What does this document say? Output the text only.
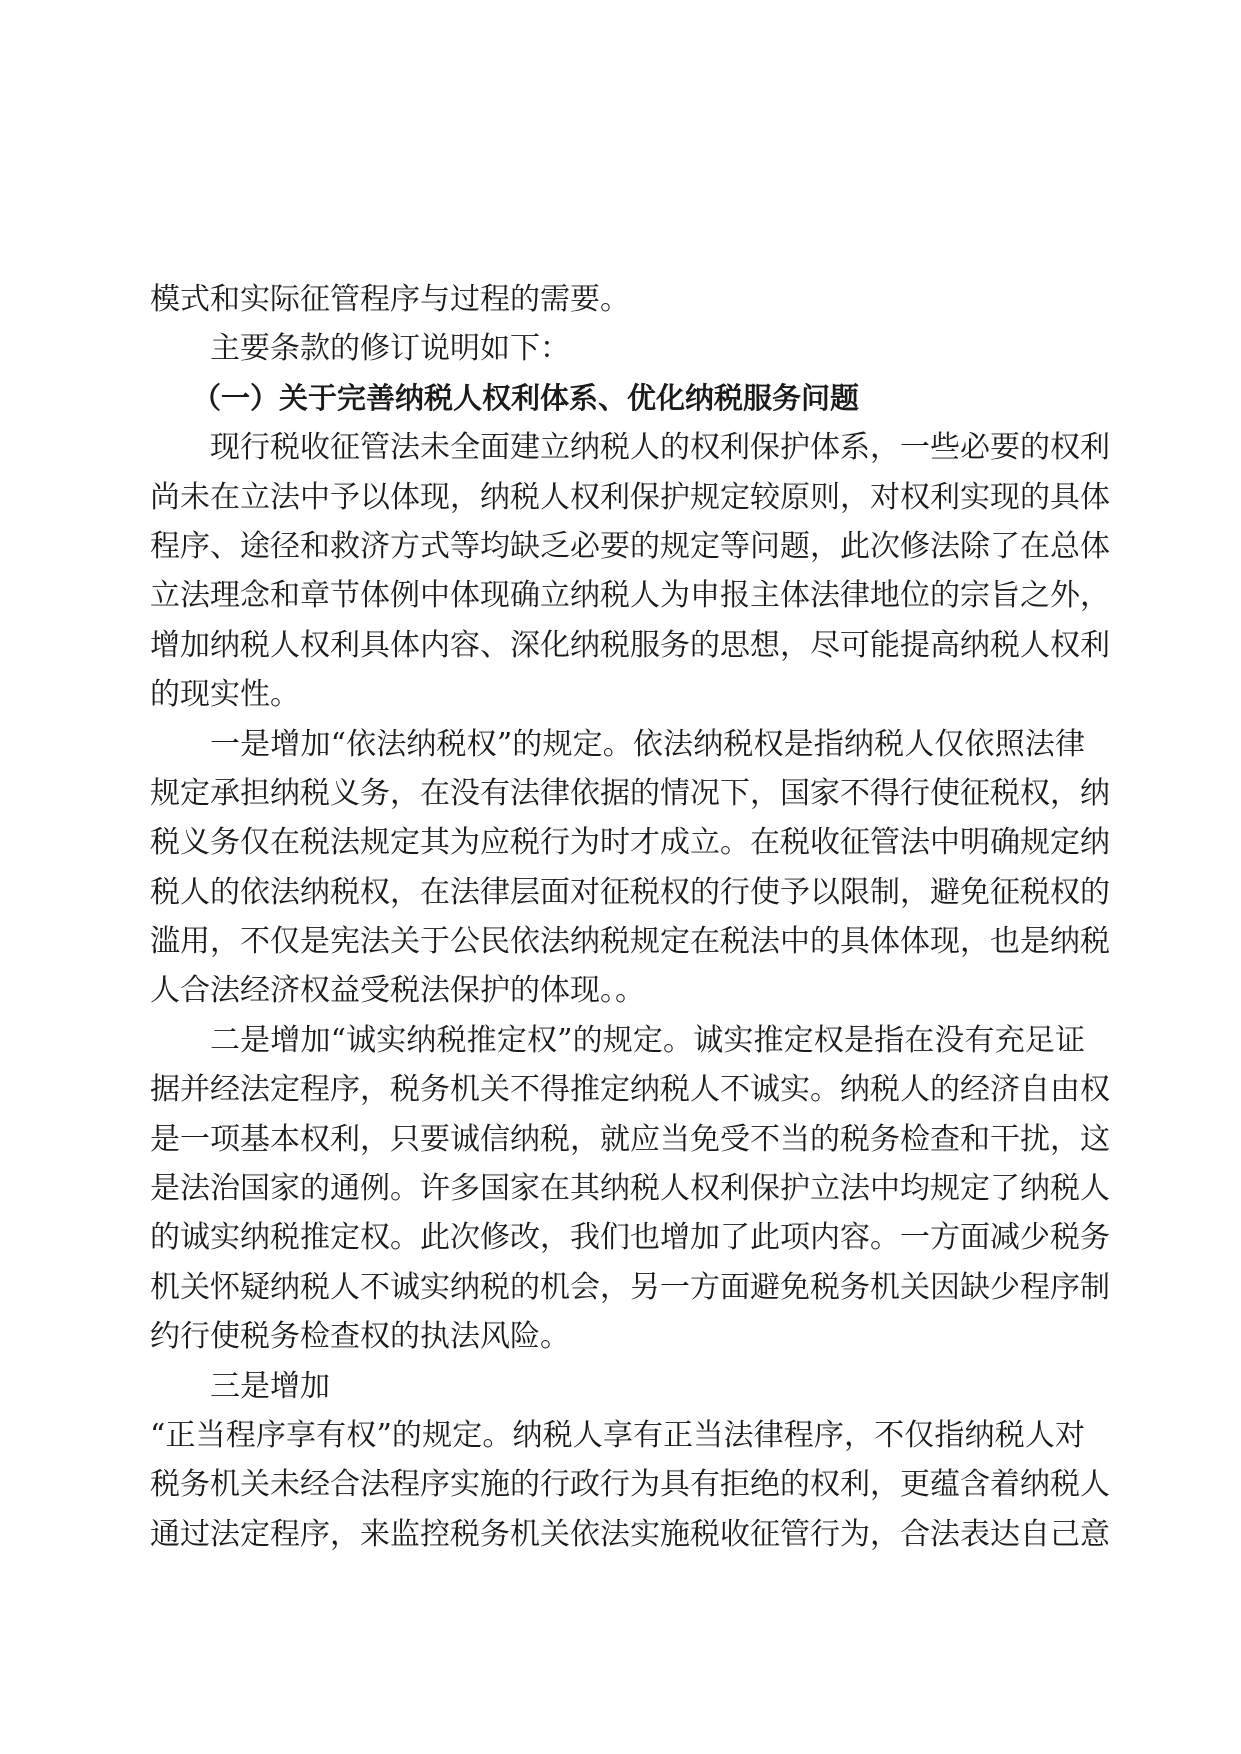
模式和实际征管程序与过程的需要。
主要条款的修订说明如下：
（一）关于完善纳税人权利体系、优化纳税服务问题
现行税收征管法未全面建立纳税人的权利保护体系，一些必要的权利
尚未在立法中予以体现，纳税人权利保护规定较原则，对权利实现的具体
程序、途径和救济方式等均缺乏必要的规定等问题，此次修法除了在总体
立法理念和章节体例中体现确立纳税人为申报主体法律地位的宗旨之外，
增加纳税人权利具体内容、深化纳税服务的思想，尽可能提高纳税人权利
的现实性。
一是增加“依法纳税权”的规定。依法纳税权是指纳税人仅依照法律
规定承担纳税义务，在没有法律依据的情况下，国家不得行使征税权，纳
税义务仅在税法规定其为应税行为时才成立。在税收征管法中明确规定纳
税人的依法纳税权，在法律层面对征税权的行使予以限制，避免征税权的
滥用，不仅是宪法关于公民依法纳税规定在税法中的具体体现，也是纳税
人合法经济权益受税法保护的体现。。
二是增加“诚实纳税推定权”的规定。诚实推定权是指在没有充足证
据并经法定程序，税务机关不得推定纳税人不诚实。纳税人的经济自由权
是一项基本权利，只要诚信纳税，就应当免受不当的税务检查和干扰，这
是法治国家的通例。许多国家在其纳税人权利保护立法中均规定了纳税人
的诚实纳税推定权。此次修改，我们也增加了此项内容。一方面减少税务
机关怀疑纳税人不诚实纳税的机会，另一方面避免税务机关因缺少程序制
约行使税务检查权的执法风险。
三是增加
“正当程序享有权”的规定。纳税人享有正当法律程序，不仅指纳税人对
税务机关未经合法程序实施的行政行为具有拒绝的权利，更蕴含着纳税人
通过法定程序，来监控税务机关依法实施税收征管行为，合法表达自己意
